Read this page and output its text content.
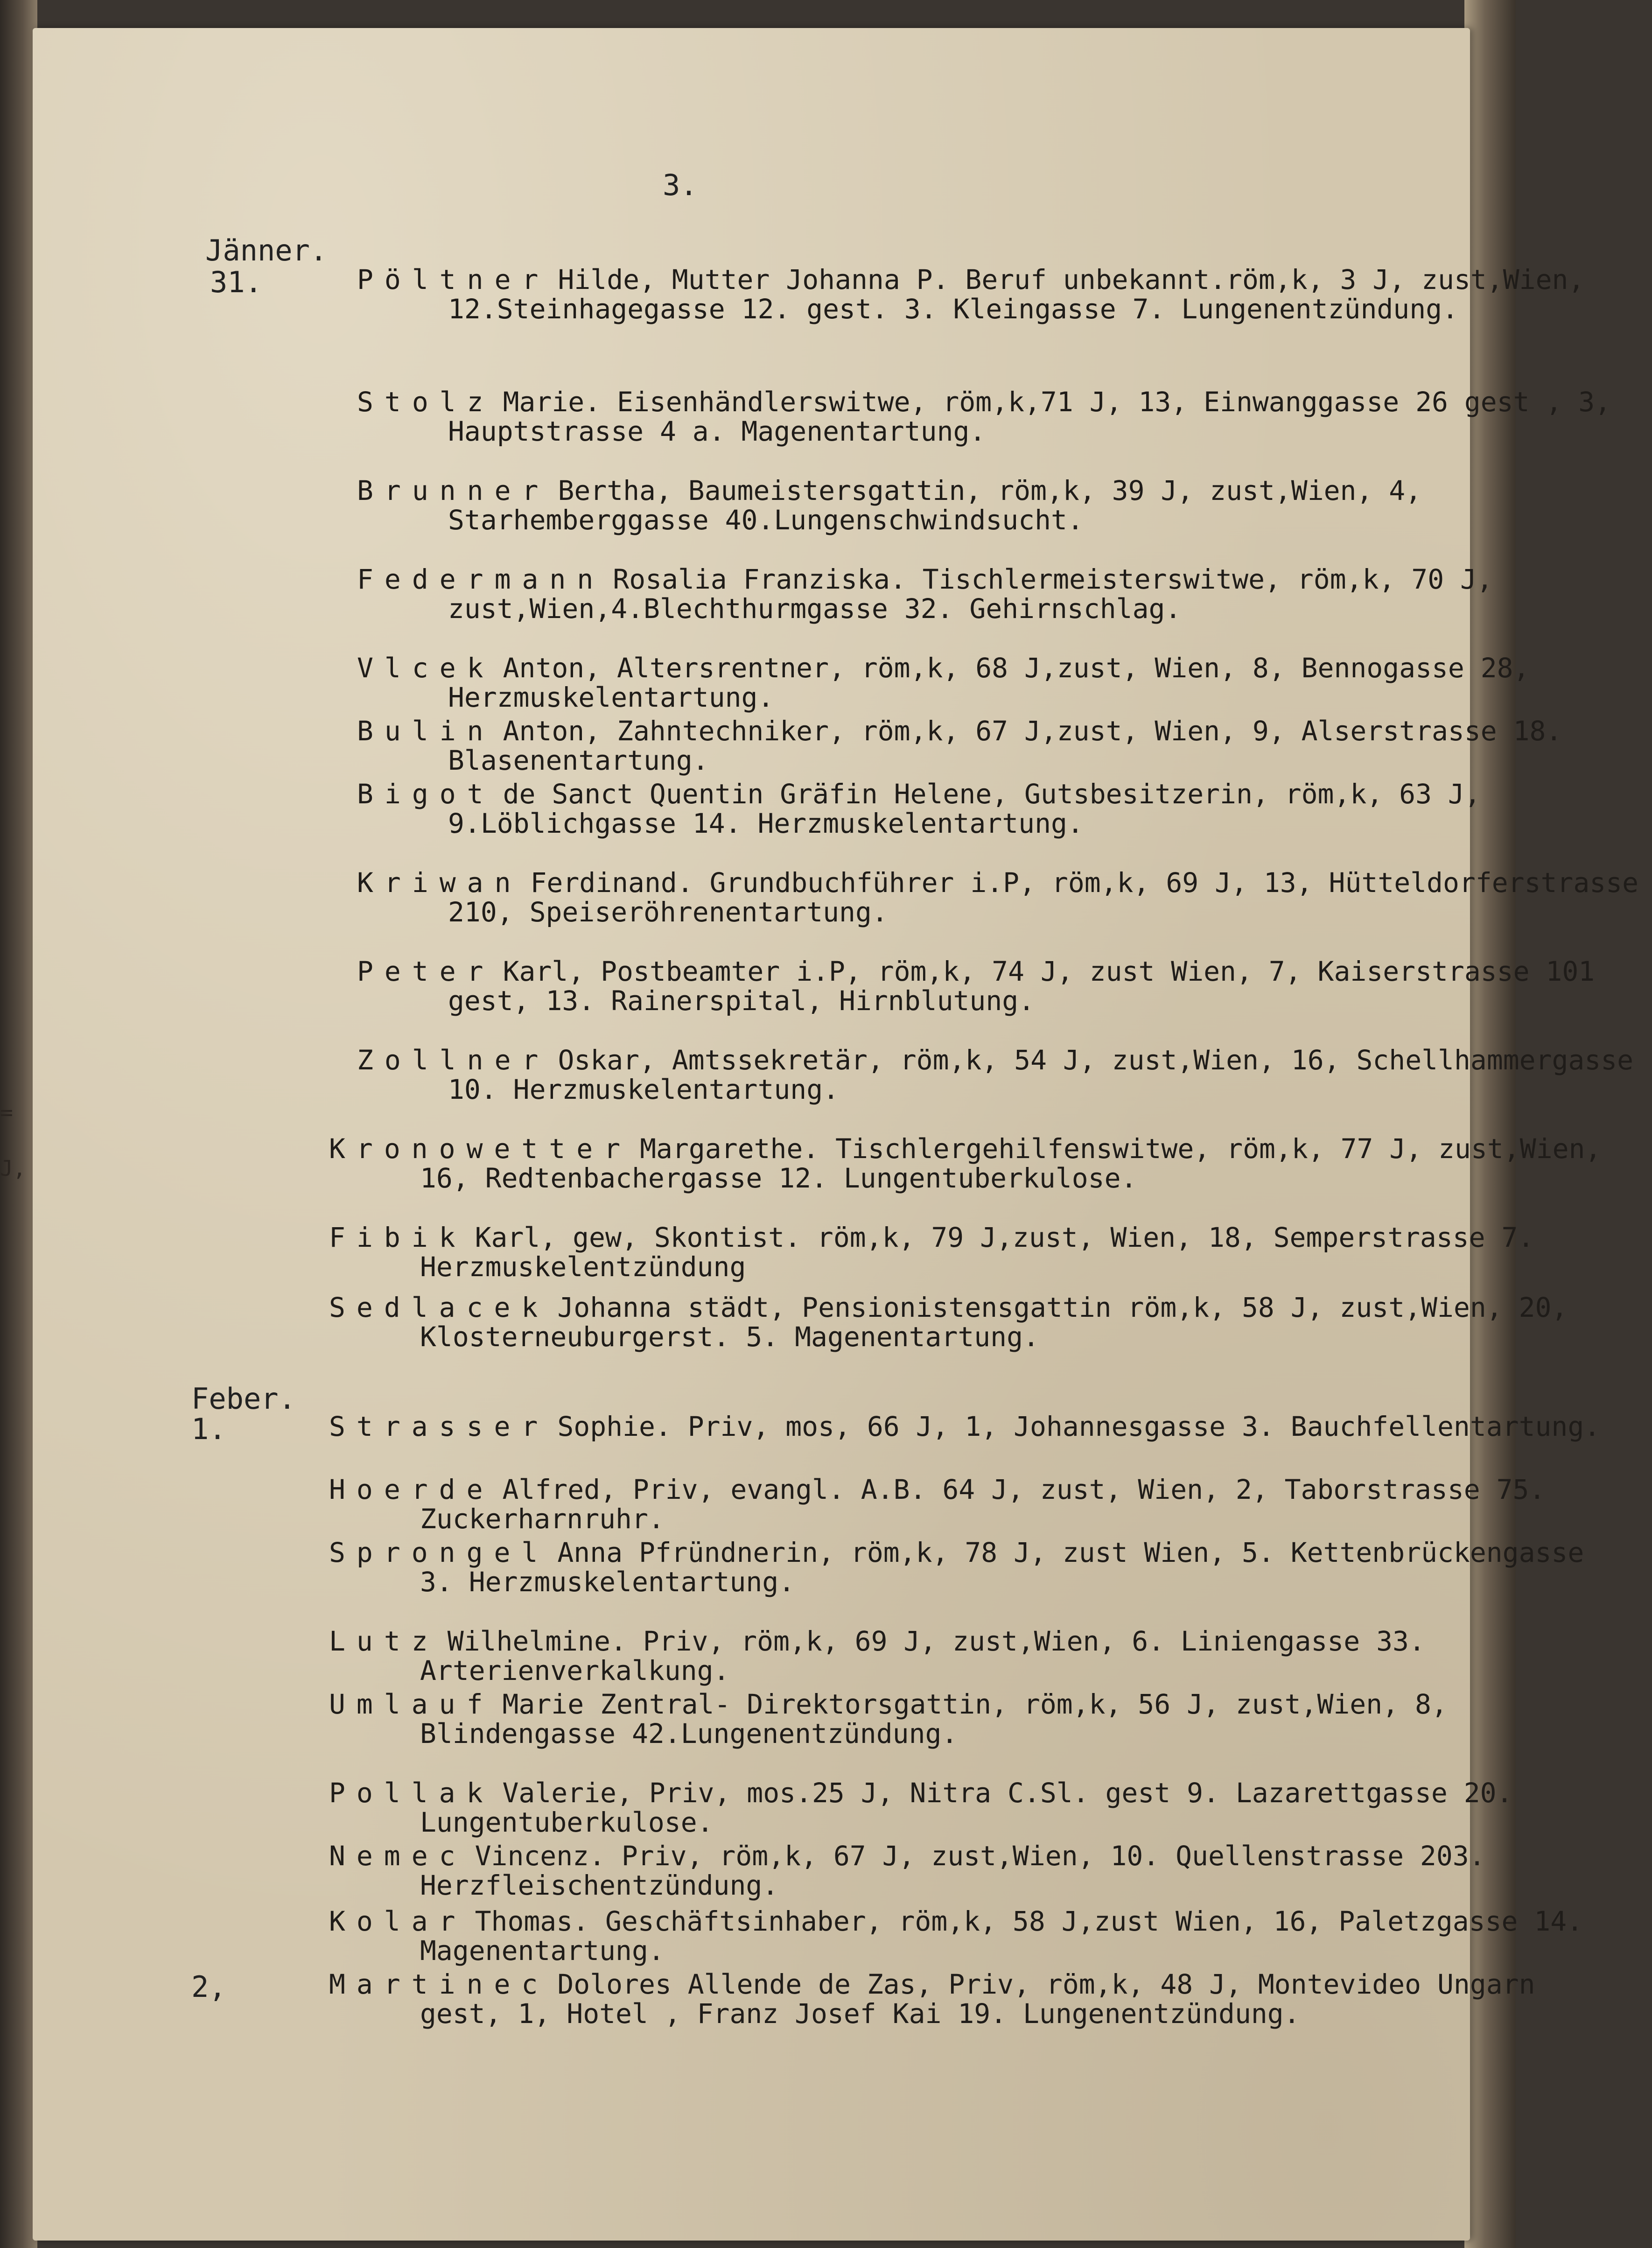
=
J,
3.
Jänner.
31.
Feber.
1.
2,
Pöltner Hilde, Mutter Johanna P. Beruf unbekannt.röm,k, 3 J, zust,Wien, 12.Steinhagegasse 12. gest. 3. Kleingasse 7. Lungenentzündung.
Stolz Marie. Eisenhändlerswitwe, röm,k,71 J, 13, Einwanggasse 26 gest , 3, Hauptstrasse 4 a. Magenentartung.
Brunner Bertha, Baumeistersgattin, röm,k, 39 J, zust,Wien, 4, Starhemberggasse 40.Lungenschwindsucht.
Federmann Rosalia Franziska. Tischlermeisterswitwe, röm,k, 70 J, zust,Wien,4.Blechthurmgasse 32. Gehirnschlag.
Vlcek Anton, Altersrentner, röm,k, 68 J,zust, Wien, 8, Bennogasse 28, Herzmuskelentartung.
Bulin Anton, Zahntechniker, röm,k, 67 J,zust, Wien, 9, Alserstrasse 18. Blasenentartung.
Bigot de Sanct Quentin Gräfin Helene, Gutsbesitzerin, röm,k, 63 J, 9.Löblichgasse 14. Herzmuskelentartung.
Kriwan Ferdinand. Grundbuchführer i.P, röm,k, 69 J, 13, Hütteldorferstrasse 210, Speiseröhrenentartung.
Peter Karl, Postbeamter i.P, röm,k, 74 J, zust Wien, 7, Kaiserstrasse 101 gest, 13. Rainerspital, Hirnblutung.
Zollner Oskar, Amtssekretär, röm,k, 54 J, zust,Wien, 16, Schellhammergasse 10. Herzmuskelentartung.
Kronowetter Margarethe. Tischlergehilfenswitwe, röm,k, 77 J, zust,Wien, 16, Redtenbachergasse 12. Lungentuberkulose.
Fibik Karl, gew, Skontist. röm,k, 79 J,zust, Wien, 18, Semperstrasse 7. Herzmuskelentzündung
Sedlacek Johanna städt, Pensionistensgattin röm,k, 58 J, zust,Wien, 20, Klosterneuburgerst. 5. Magenentartung.
Strasser Sophie. Priv, mos, 66 J, 1, Johannesgasse 3. Bauchfellentartung.
Hoerde Alfred, Priv, evangl. A.B. 64 J, zust, Wien, 2, Taborstrasse 75. Zuckerharnruhr.
Sprongel Anna Pfründnerin, röm,k, 78 J, zust Wien, 5. Kettenbrückengasse 3. Herzmuskelentartung.
Lutz Wilhelmine. Priv, röm,k, 69 J, zust,Wien, 6. Liniengasse 33. Arterienverkalkung.
Umlauf Marie Zentral- Direktorsgattin, röm,k, 56 J, zust,Wien, 8, Blindengasse 42.Lungenentzündung.
Pollak Valerie, Priv, mos.25 J, Nitra C.Sl. gest 9. Lazarettgasse 20. Lungentuberkulose.
Nemec Vincenz. Priv, röm,k, 67 J, zust,Wien, 10. Quellenstrasse 203. Herzfleischentzündung.
Kolar Thomas. Geschäftsinhaber, röm,k, 58 J,zust Wien, 16, Paletzgasse 14. Magenentartung.
Martinec Dolores Allende de Zas, Priv, röm,k, 48 J, Montevideo Ungarn gest, 1, Hotel , Franz Josef Kai 19. Lungenentzündung.
